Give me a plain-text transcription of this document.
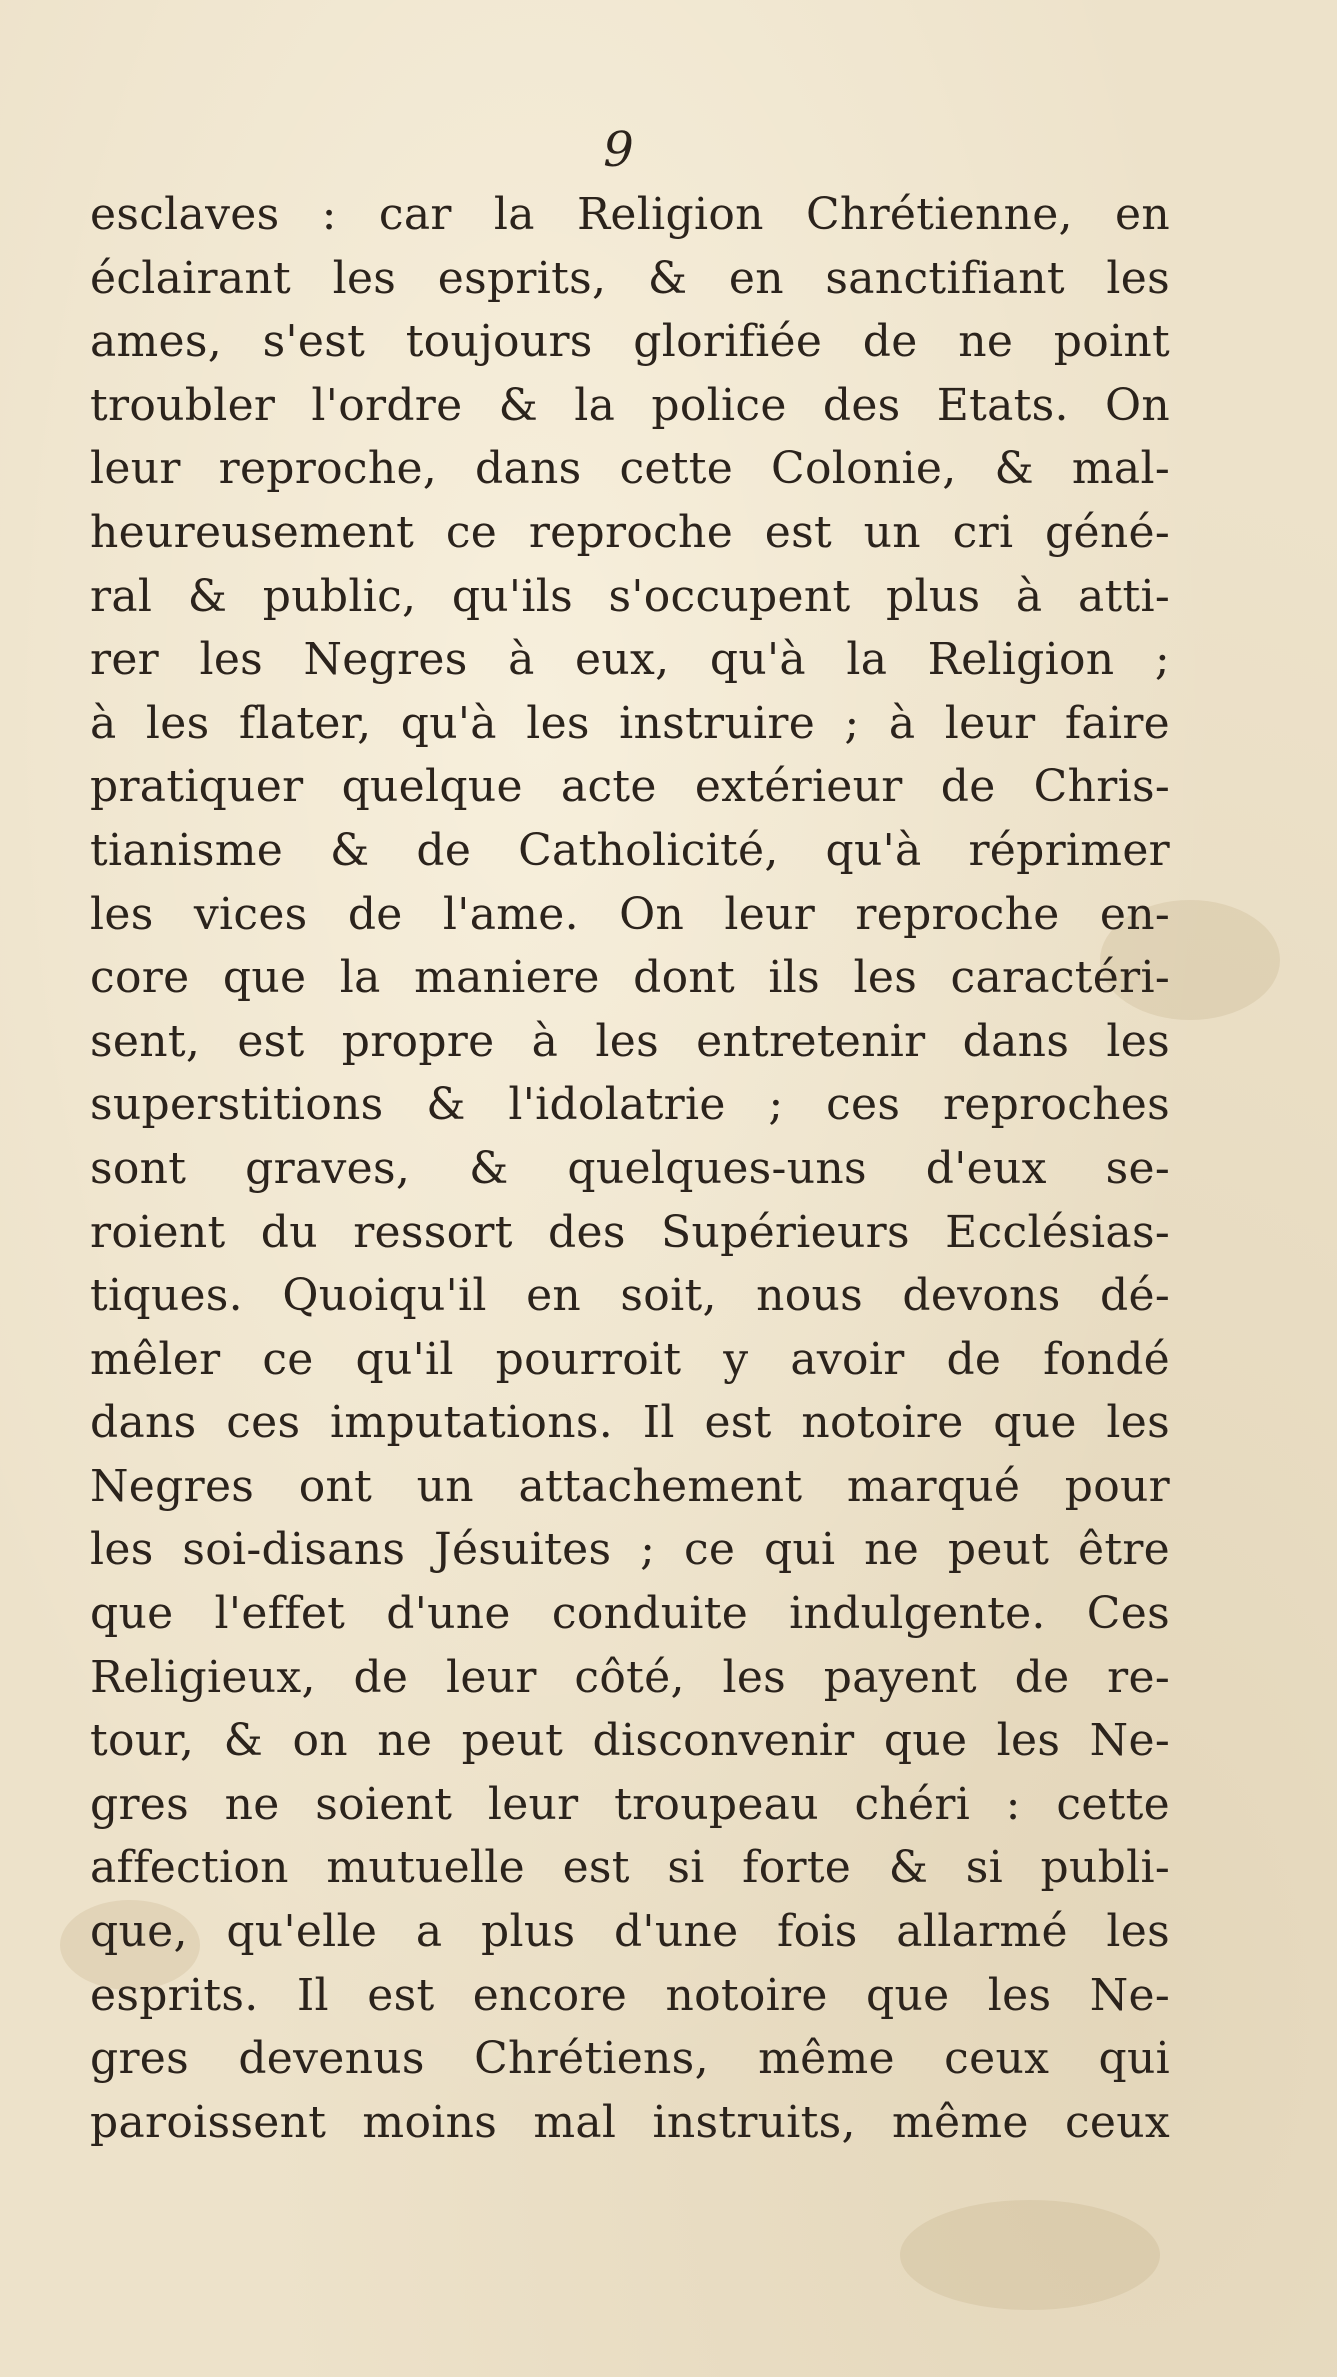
9
esclaves : car la Religion Chrétienne, en
éclairant les esprits, & en sanctifiant les
ames, s'est toujours glorifiée de ne point
troubler l'ordre & la police des Etats. On
leur reproche, dans cette Colonie, & mal-
heureusement ce reproche est un cri géné-
ral & public, qu'ils s'occupent plus à atti-
rer les Negres à eux, qu'à la Religion ;
à les flater, qu'à les instruire ; à leur faire
pratiquer quelque acte extérieur de Chris-
tianisme & de Catholicité, qu'à réprimer
les vices de l'ame. On leur reproche en-
core que la maniere dont ils les caractéri-
sent, est propre à les entretenir dans les
superstitions & l'idolatrie ; ces reproches
sont graves, & quelques-uns d'eux se-
roient du ressort des Supérieurs Ecclésias-
tiques. Quoiqu'il en soit, nous devons dé-
mêler ce qu'il pourroit y avoir de fondé
dans ces imputations. Il est notoire que les
Negres ont un attachement marqué pour
les soi-disans Jésuites ; ce qui ne peut être
que l'effet d'une conduite indulgente. Ces
Religieux, de leur côté, les payent de re-
tour, & on ne peut disconvenir que les Ne-
gres ne soient leur troupeau chéri : cette
affection mutuelle est si forte & si publi-
que, qu'elle a plus d'une fois allarmé les
esprits. Il est encore notoire que les Ne-
gres devenus Chrétiens, même ceux qui
paroissent moins mal instruits, même ceux
